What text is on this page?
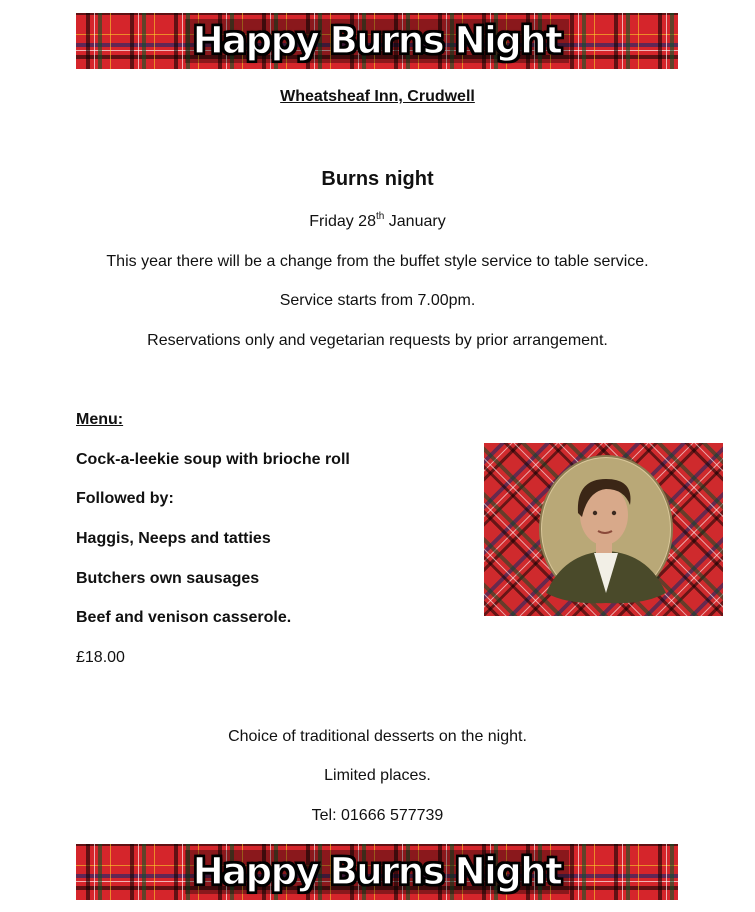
Happy Burns Night
Wheatsheaf Inn, Crudwell
Burns night
Friday 28th January
This year there will be a change from the buffet style service to table service.
Service starts from 7.00pm.
Reservations only and vegetarian requests by prior arrangement.
Menu:
Cock-a-leekie soup with brioche roll
Followed by:
Haggis, Neeps and tatties
Butchers own sausages
Beef and venison casserole.
£18.00
Choice of traditional desserts on the night.
Limited places.
Tel: 01666 577739
Happy Burns Night
